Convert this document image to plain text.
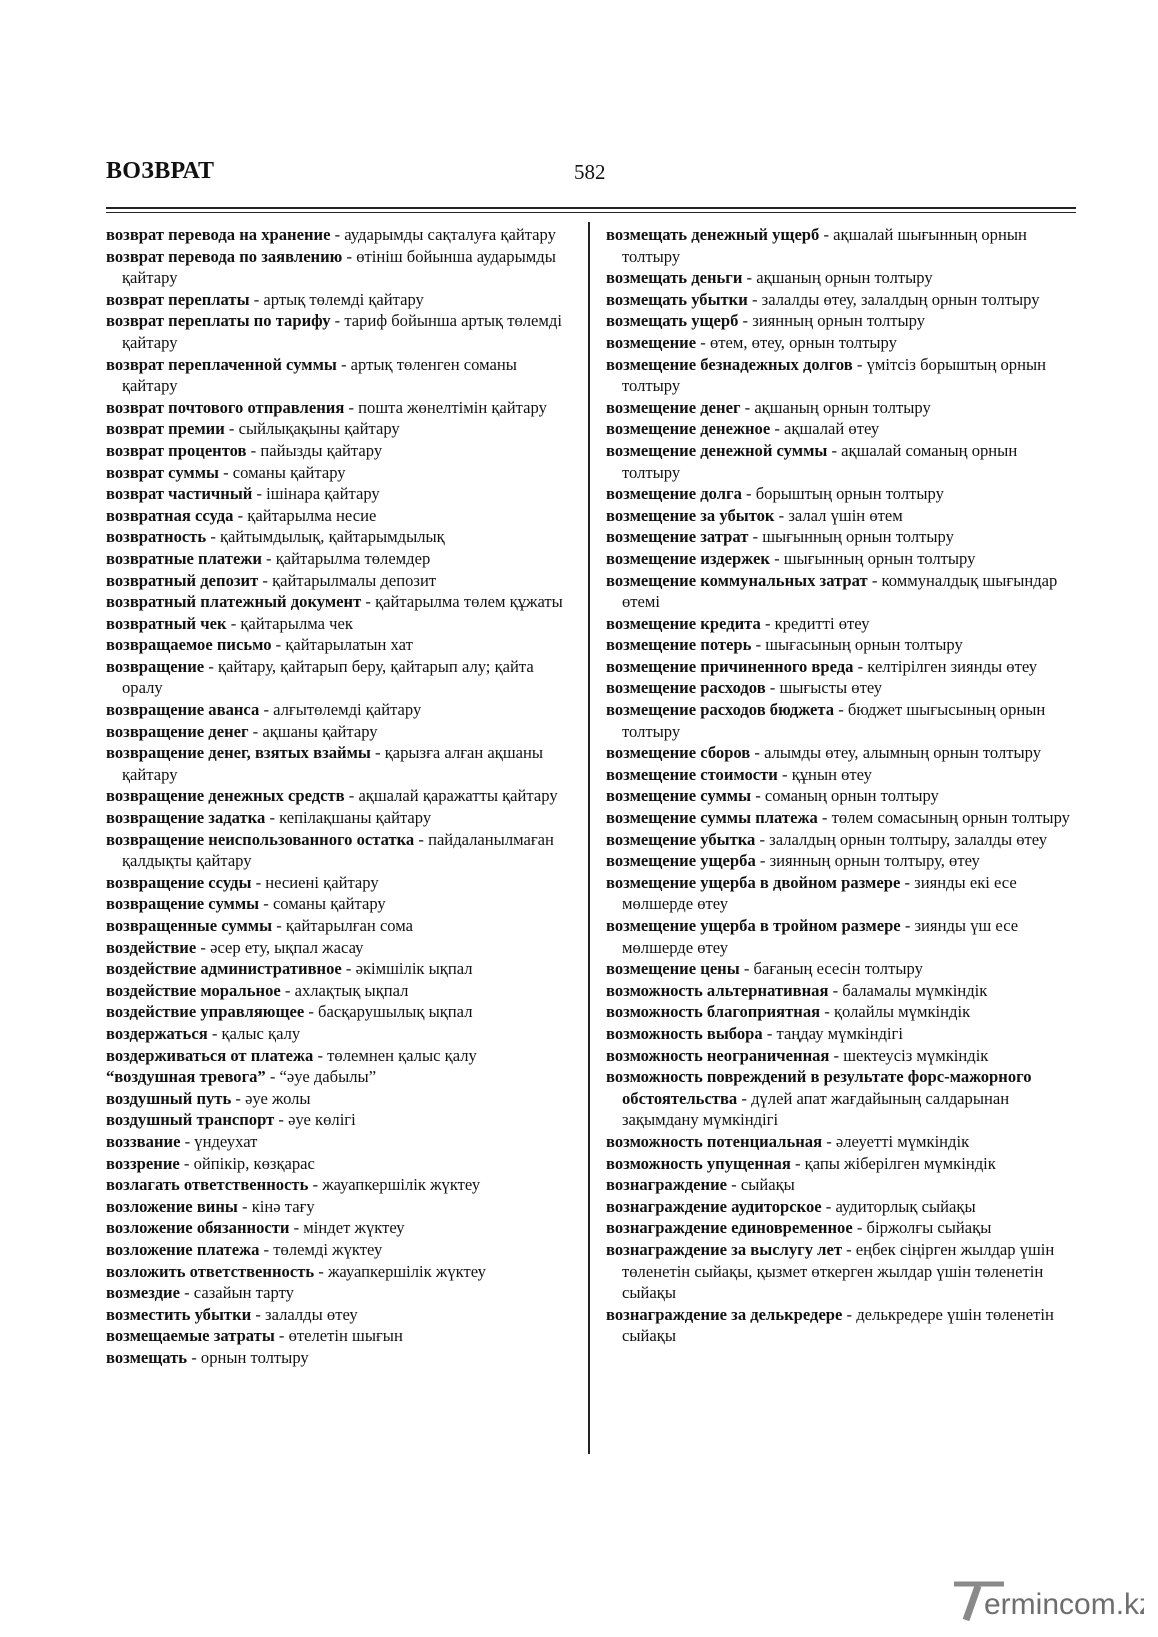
ВОЗВРАТ	582

возврат перевода на хранение - аударымды сақталуға қайтару

возврат перевода по заявлению - өтініш бойынша аударымды қайтару

возврат переплаты - артық төлемді қайтару

возврат переплаты по тарифу - тариф бойынша артық төлемді қайтару

возврат переплаченной суммы - артық төленген соманы қайтару

возврат почтового отправления - пошта жөнелтімін қайтару

возврат премии - сыйлықақыны қайтару

возврат процентов - пайызды қайтару

возврат суммы - соманы қайтару

возврат частичный - ішінара қайтару

возвратная ссуда - қайтарылма несие

возвратность - қайтымдылық, қайтарымдылық

возвратные платежи - қайтарылма төлемдер

возвратный депозит - қайтарылмалы депозит

возвратный платежный документ - қайтарылма төлем құжаты

возвратный чек - қайтарылма чек

возвращаемое письмо - қайтарылатын хат

возвращение - қайтару, қайтарып беру, қайтарып алу; қайта оралу

возвращение аванса - алғытөлемді қайтару

возвращение денег - ақшаны қайтару

возвращение денег, взятых взаймы - қарызға алған ақшаны қайтару

возвращение денежных средств - ақшалай қаражатты қайтару

возвращение задатка - кепілақшаны қайтару

возвращение неиспользованного остатка - пайдаланылмаған қалдықты қайтару

возвращение ссуды - несиені қайтару

возвращение суммы - соманы қайтару

возвращенные суммы - қайтарылған сома

воздействие - әсер ету, ықпал жасау

воздействие административное - әкімшілік ықпал

воздействие моральное - ахлақтық ықпал

воздействие управляющее - басқарушылық ықпал

воздержаться - қалыс қалу

воздерживаться от платежа - төлемнен қалыс қалу

“воздушная тревога” - “әуе дабылы”

воздушный путь - әуе жолы

воздушный транспорт - әуе көлігі

воззвание - үндеухат

воззрение - ойпікір, көзқарас

возлагать ответственность - жауапкершілік жүктеу

возложение вины - кінә тағу

возложение обязанности - міндет жүктеу

возложение платежа - төлемді жүктеу

возложить ответственность - жауапкершілік жүктеу

возмездие - сазайын тарту

возместить убытки - залалды өтеу

возмещаемые затраты - өтелетін шығын

возмещать - орнын толтыру

возмещать денежный ущерб - ақшалай шығынның орнын толтыру

возмещать деньги - ақшаның орнын толтыру

возмещать убытки - залалды өтеу, залалдың орнын толтыру

возмещать ущерб - зиянның орнын толтыру

возмещение - өтем, өтеу, орнын толтыру

возмещение безнадежных долгов - үмітсіз борыштың орнын толтыру

возмещение денег - ақшаның орнын толтыру

возмещение денежное - ақшалай өтеу

возмещение денежной суммы - ақшалай соманың орнын толтыру

возмещение долга - борыштың орнын толтыру

возмещение за убыток - залал үшін өтем

возмещение затрат - шығынның орнын толтыру

возмещение издержек - шығынның орнын толтыру

возмещение коммунальных затрат - коммуналдық шығындар өтемі

возмещение кредита - кредитті өтеу

возмещение потерь - шығасының орнын толтыру

возмещение причиненного вреда - келтірілген зиянды өтеу

возмещение расходов - шығысты өтеу

возмещение расходов бюджета - бюджет шығысының орнын толтыру

возмещение сборов - алымды өтеу, алымның орнын толтыру

возмещение стоимости - құнын өтеу

возмещение суммы - соманың орнын толтыру

возмещение суммы платежа - төлем сомасының орнын толтыру

возмещение убытка - залалдың орнын толтыру, залалды өтеу

возмещение ущерба - зиянның орнын толтыру, өтеу

возмещение ущерба в двойном размере - зиянды екі есе мөлшерде өтеу

возмещение ущерба в тройном размере - зиянды үш есе мөлшерде өтеу

возмещение цены - бағаның есесін толтыру

возможность альтернативная - баламалы мүмкіндік

возможность благоприятная - қолайлы мүмкіндік

возможность выбора - таңдау мүмкіндігі

возможность неограниченная - шектеусіз мүмкіндік

возможность повреждений в результате форс-мажорного обстоятельства - дүлей апат жағдайының салдарынан зақымдану мүмкіндігі

возможность потенциальная - әлеуетті мүмкіндік

возможность упущенная - қапы жіберілген мүмкіндік

вознаграждение - сыйақы

вознаграждение аудиторское - аудиторлық сыйақы

вознаграждение единовременное - біржолғы сыйақы

вознаграждение за выслугу лет - еңбек сіңірген жылдар үшін төленетін сыйақы, қызмет өткерген жылдар үшін төленетін сыйақы

вознаграждение за делькредере - делькредере үшін төленетін сыйақы

ermincom.kz
